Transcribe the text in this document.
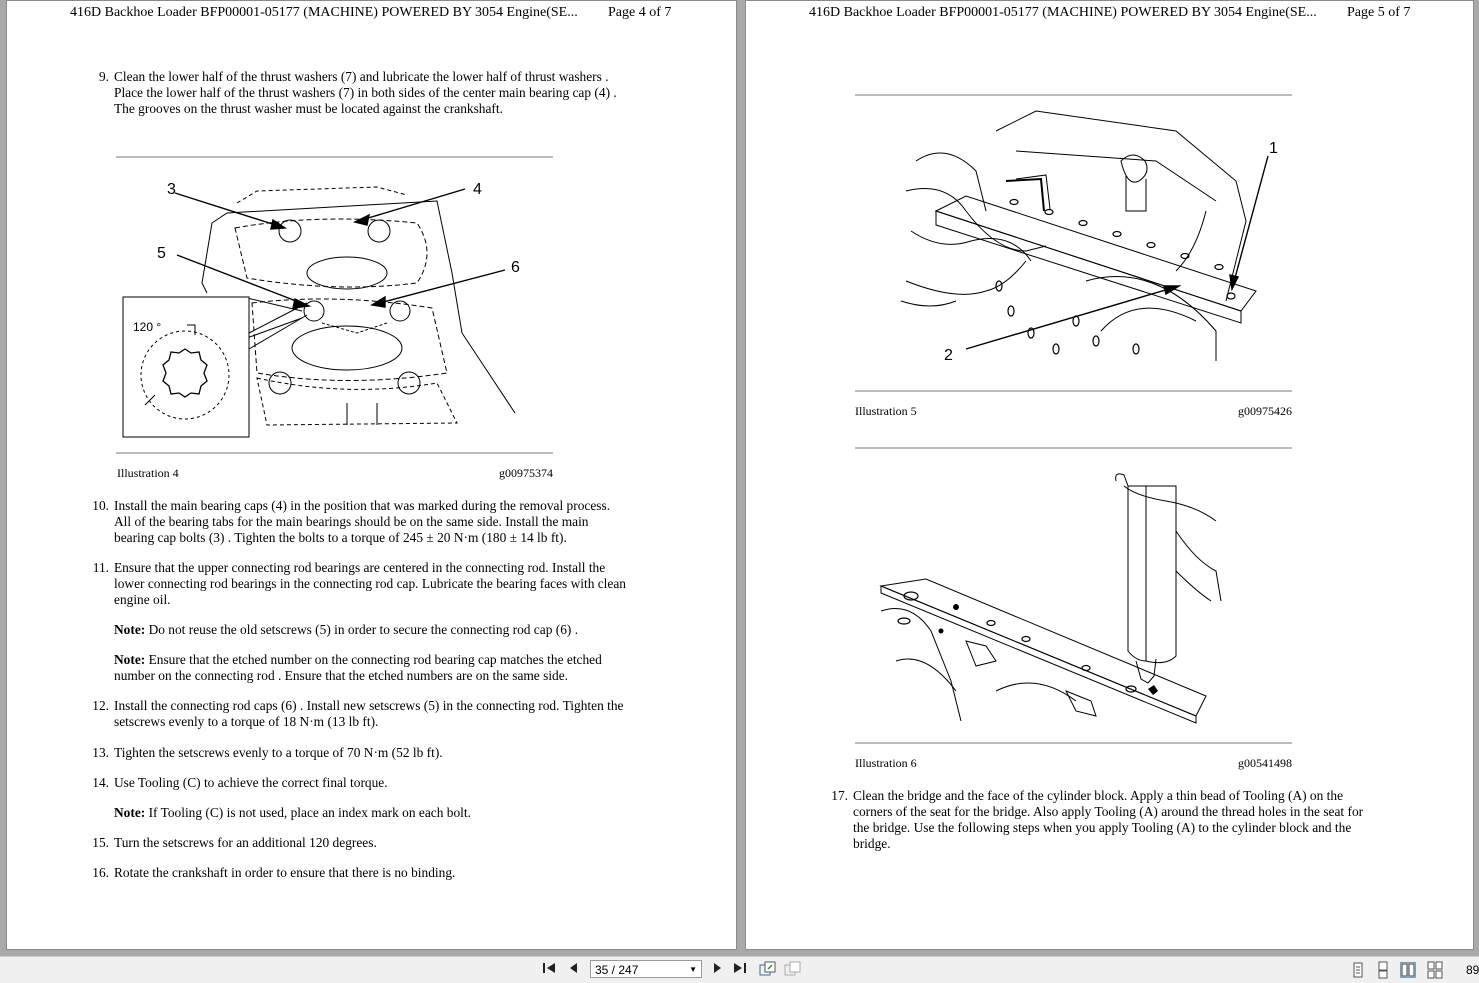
416D Backhoe Loader BFP00001-05177 (MACHINE) POWERED BY 3054 Engine(SE... Page 4 of 7
9. Clean the lower half of the thrust washers (7) and lubricate the lower half of thrust washers .
Place the lower half of the thrust washers (7) in both sides of the center main bearing cap (4) .
The grooves on the thrust washer must be located against the crankshaft.
3	4
5
6
120 °
Illustration 4	g00975374
10. Install the main bearing caps (4) in the position that was marked during the removal process.
All of the bearing tabs for the main bearings should be on the same side. Install the main
bearing cap bolts (3) . Tighten the bolts to a torque of 245 ± 20 N·m (180 ± 14 lb ft).
11. Ensure that the upper connecting rod bearings are centered in the connecting rod. Install the
lower connecting rod bearings in the connecting rod cap. Lubricate the bearing faces with clean
engine oil.
Note: Do not reuse the old setscrews (5) in order to secure the connecting rod cap (6) .
Note: Ensure that the etched number on the connecting rod bearing cap matches the etched
number on the connecting rod . Ensure that the etched numbers are on the same side.
12. Install the connecting rod caps (6) . Install new setscrews (5) in the connecting rod. Tighten the
setscrews evenly to a torque of 18 N·m (13 lb ft).
13. Tighten the setscrews evenly to a torque of 70 N·m (52 lb ft).
14. Use Tooling (C) to achieve the correct final torque.
Note: If Tooling (C) is not used, place an index mark on each bolt.
15. Turn the setscrews for an additional 120 degrees.
16. Rotate the crankshaft in order to ensure that there is no binding.
416D Backhoe Loader BFP00001-05177 (MACHINE) POWERED BY 3054 Engine(SE... Page 5 of 7
1
2
Illustration 5	g00975426
Illustration 6	g00541498
17. Clean the bridge and the face of the cylinder block. Apply a thin bead of Tooling (A) on the
corners of the seat for the bridge. Also apply Tooling (A) around the thread holes in the seat for
the bridge. Use the following steps when you apply Tooling (A) to the cylinder block and the
bridge.
35 / 247	▼	89
